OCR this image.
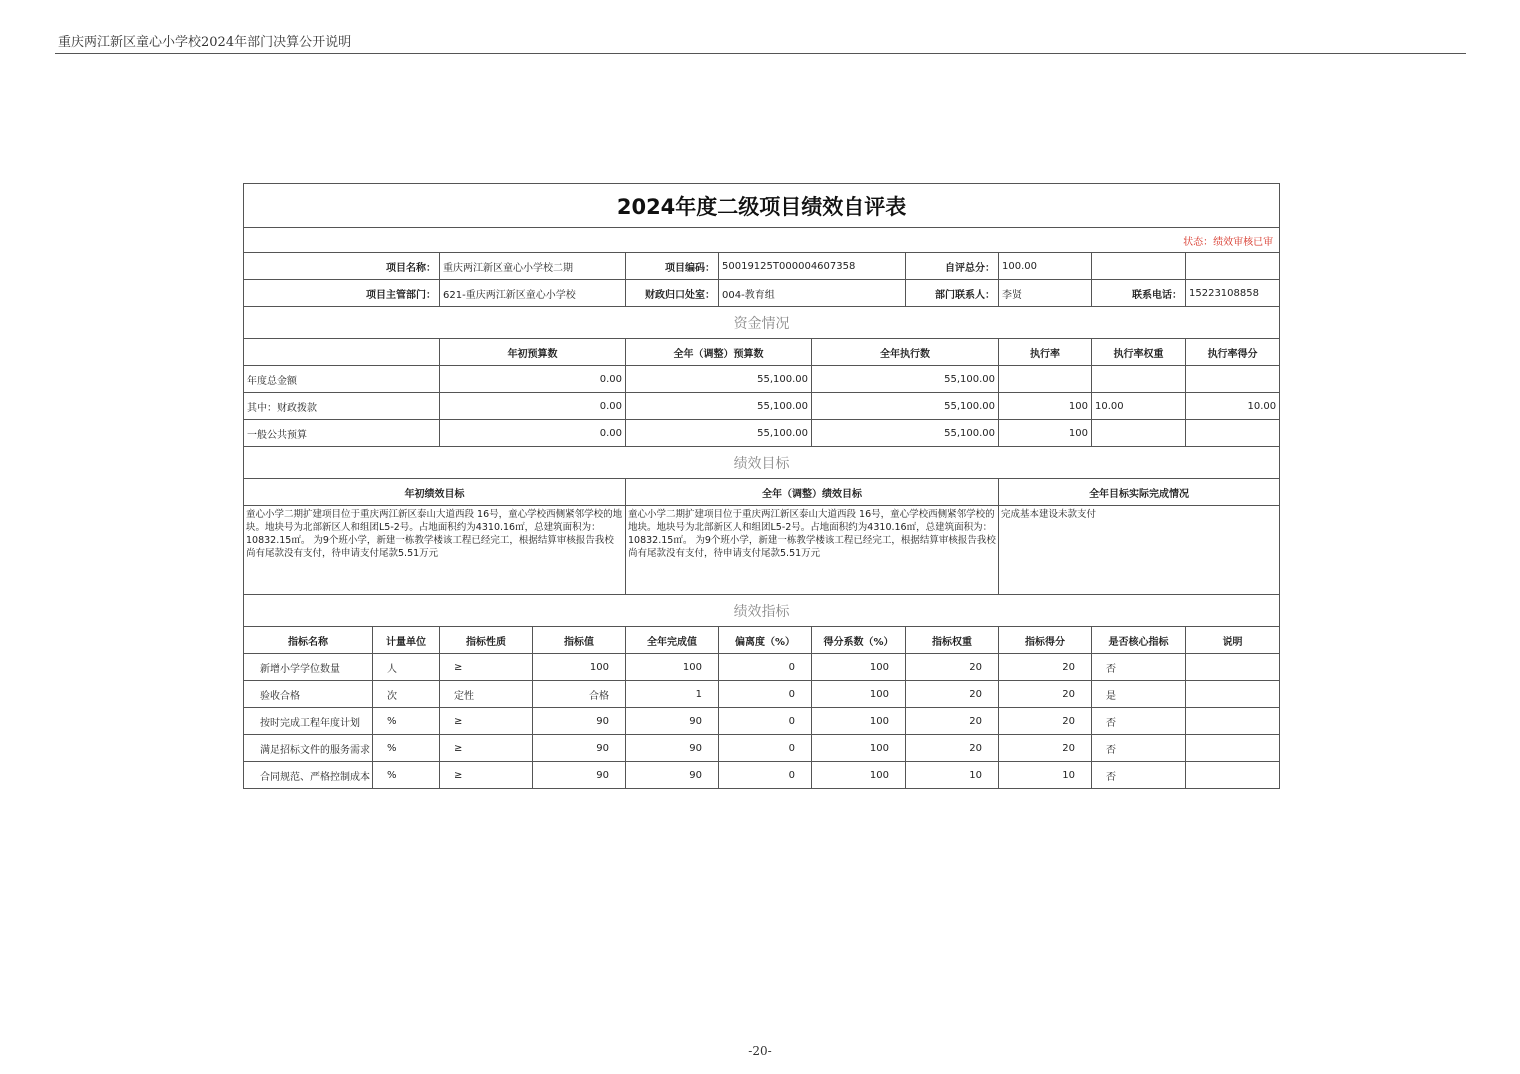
重庆两江新区童心小学校2024年部门决算公开说明
2024年度二级项目绩效自评表										
状态：绩效审核已审										
项目名称：		重庆两江新区童心小学校二期		项目编码：	50019125T000004607358		自评总分：	100.00		
项目主管部门：		621-重庆两江新区童心小学校		财政归口处室：	004-教育组		部门联系人：	李贤	联系电话：	15223108858
资金情况										
		年初预算数		全年（调整）预算数		全年执行数		执行率	执行率权重	执行率得分
年度总金额		0.00		55,100.00		55,100.00				
其中：财政拨款		0.00		55,100.00		55,100.00		100	10.00	10.00
一般公共预算		0.00		55,100.00		55,100.00		100		
绩效目标										
年初绩效目标				全年（调整）绩效目标				全年目标实际完成情况		
童心小学二期扩建项目位于重庆两江新区泰山大道西段 16号，童心学校西侧紧邻学校的地块。地块号为北部新区人和组团L5-2号。占地面积约为4310.16㎡，总建筑面积为：10832.15㎡。 为9个班小学，新建一栋教学楼该工程已经完工，根据结算审核报告我校尚有尾款没有支付，待申请支付尾款5.51万元				童心小学二期扩建项目位于重庆两江新区泰山大道西段 16号，童心学校西侧紧邻学校的地块。地块号为北部新区人和组团L5-2号。占地面积约为4310.16㎡，总建筑面积为：10832.15㎡。 为9个班小学，新建一栋教学楼该工程已经完工，根据结算审核报告我校尚有尾款没有支付，待申请支付尾款5.51万元				完成基本建设未款支付		
绩效指标										
指标名称	计量单位	指标性质	指标值	全年完成值	偏离度（%）	得分系数（%）	指标权重	指标得分	是否核心指标	说明
新增小学学位数量	人	≥	100	100	0	100	20	20	否	
验收合格	次	定性	合格	1	0	100	20	20	是	
按时完成工程年度计划	%	≥	90	90	0	100	20	20	否	
满足招标文件的服务需求	%	≥	90	90	0	100	20	20	否	
合同规范、严格控制成本	%	≥	90	90	0	100	10	10	否	
-20-
